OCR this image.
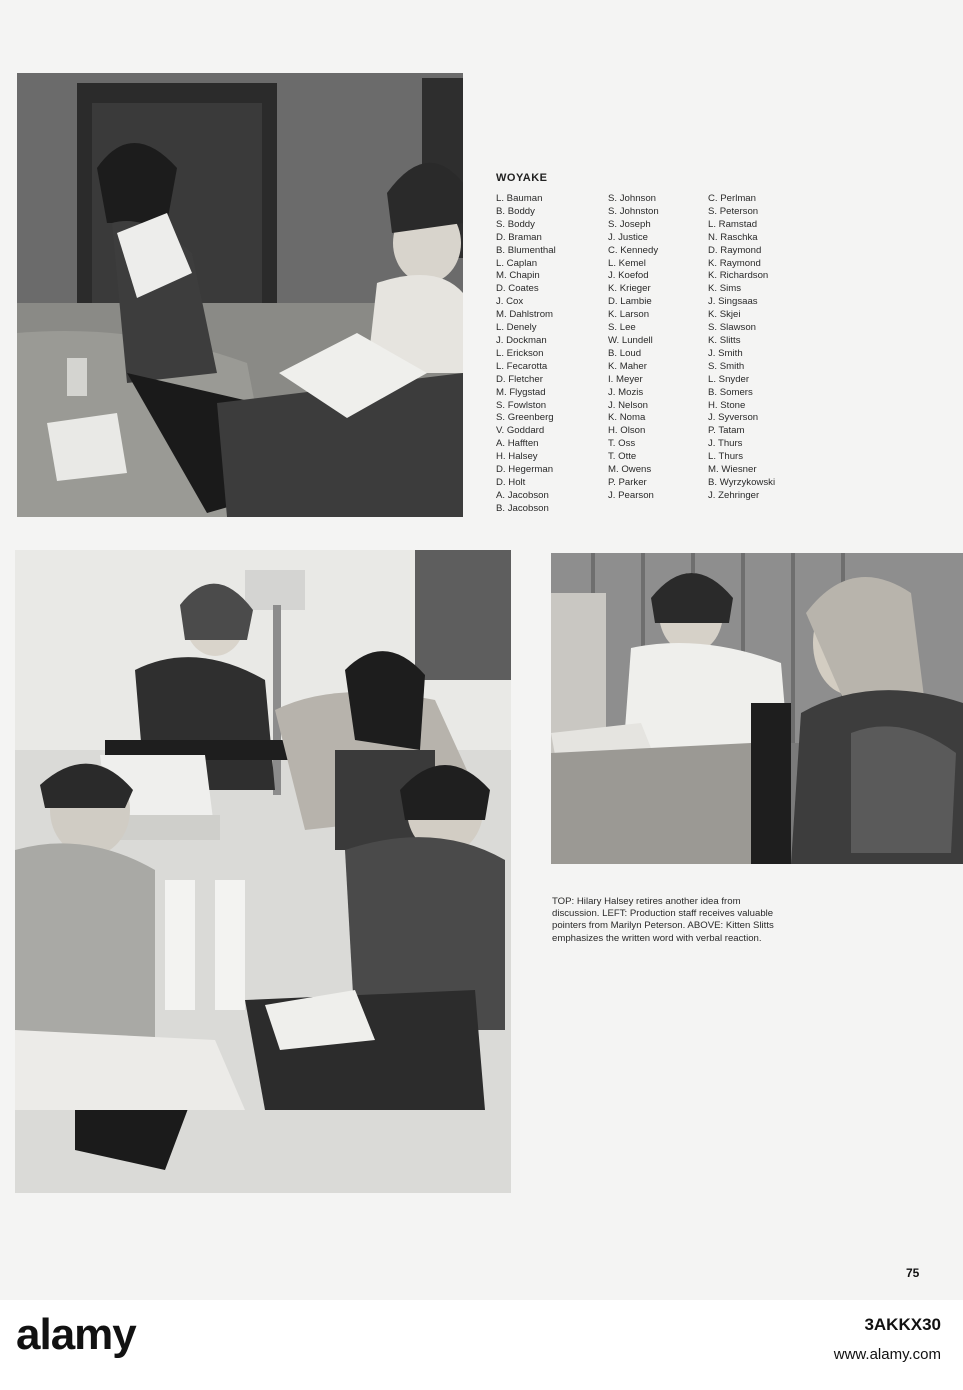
WOYAKE
L. Bauman
B. Boddy
S. Boddy
D. Braman
B. Blumenthal
L. Caplan
M. Chapin
D. Coates
J. Cox
M. Dahlstrom
L. Denely
J. Dockman
L. Erickson
L. Fecarotta
D. Fletcher
M. Flygstad
S. Fowlston
S. Greenberg
V. Goddard
A. Hafften
H. Halsey
D. Hegerman
D. Holt
A. Jacobson
B. Jacobson
S. Johnson
S. Johnston
S. Joseph
J. Justice
C. Kennedy
L. Kemel
J. Koefod
K. Krieger
D. Lambie
K. Larson
S. Lee
W. Lundell
B. Loud
K. Maher
I. Meyer
J. Mozis
J. Nelson
K. Noma
H. Olson
T. Oss
T. Otte
M. Owens
P. Parker
J. Pearson
C. Perlman
S. Peterson
L. Ramstad
N. Raschka
D. Raymond
K. Raymond
K. Richardson
K. Sims
J. Singsaas
K. Skjei
S. Slawson
K. Slitts
J. Smith
S. Smith
L. Snyder
B. Somers
H. Stone
J. Syverson
P. Tatam
J. Thurs
L. Thurs
M. Wiesner
B. Wyrzykowski
J. Zehringer
TOP: Hilary Halsey retires another idea from discussion. LEFT: Production staff receives valuable pointers from Marilyn Peterson. ABOVE: Kitten Slitts emphasizes the written word with verbal reaction.
75
alamy	3AKKX30
www.alamy.com
